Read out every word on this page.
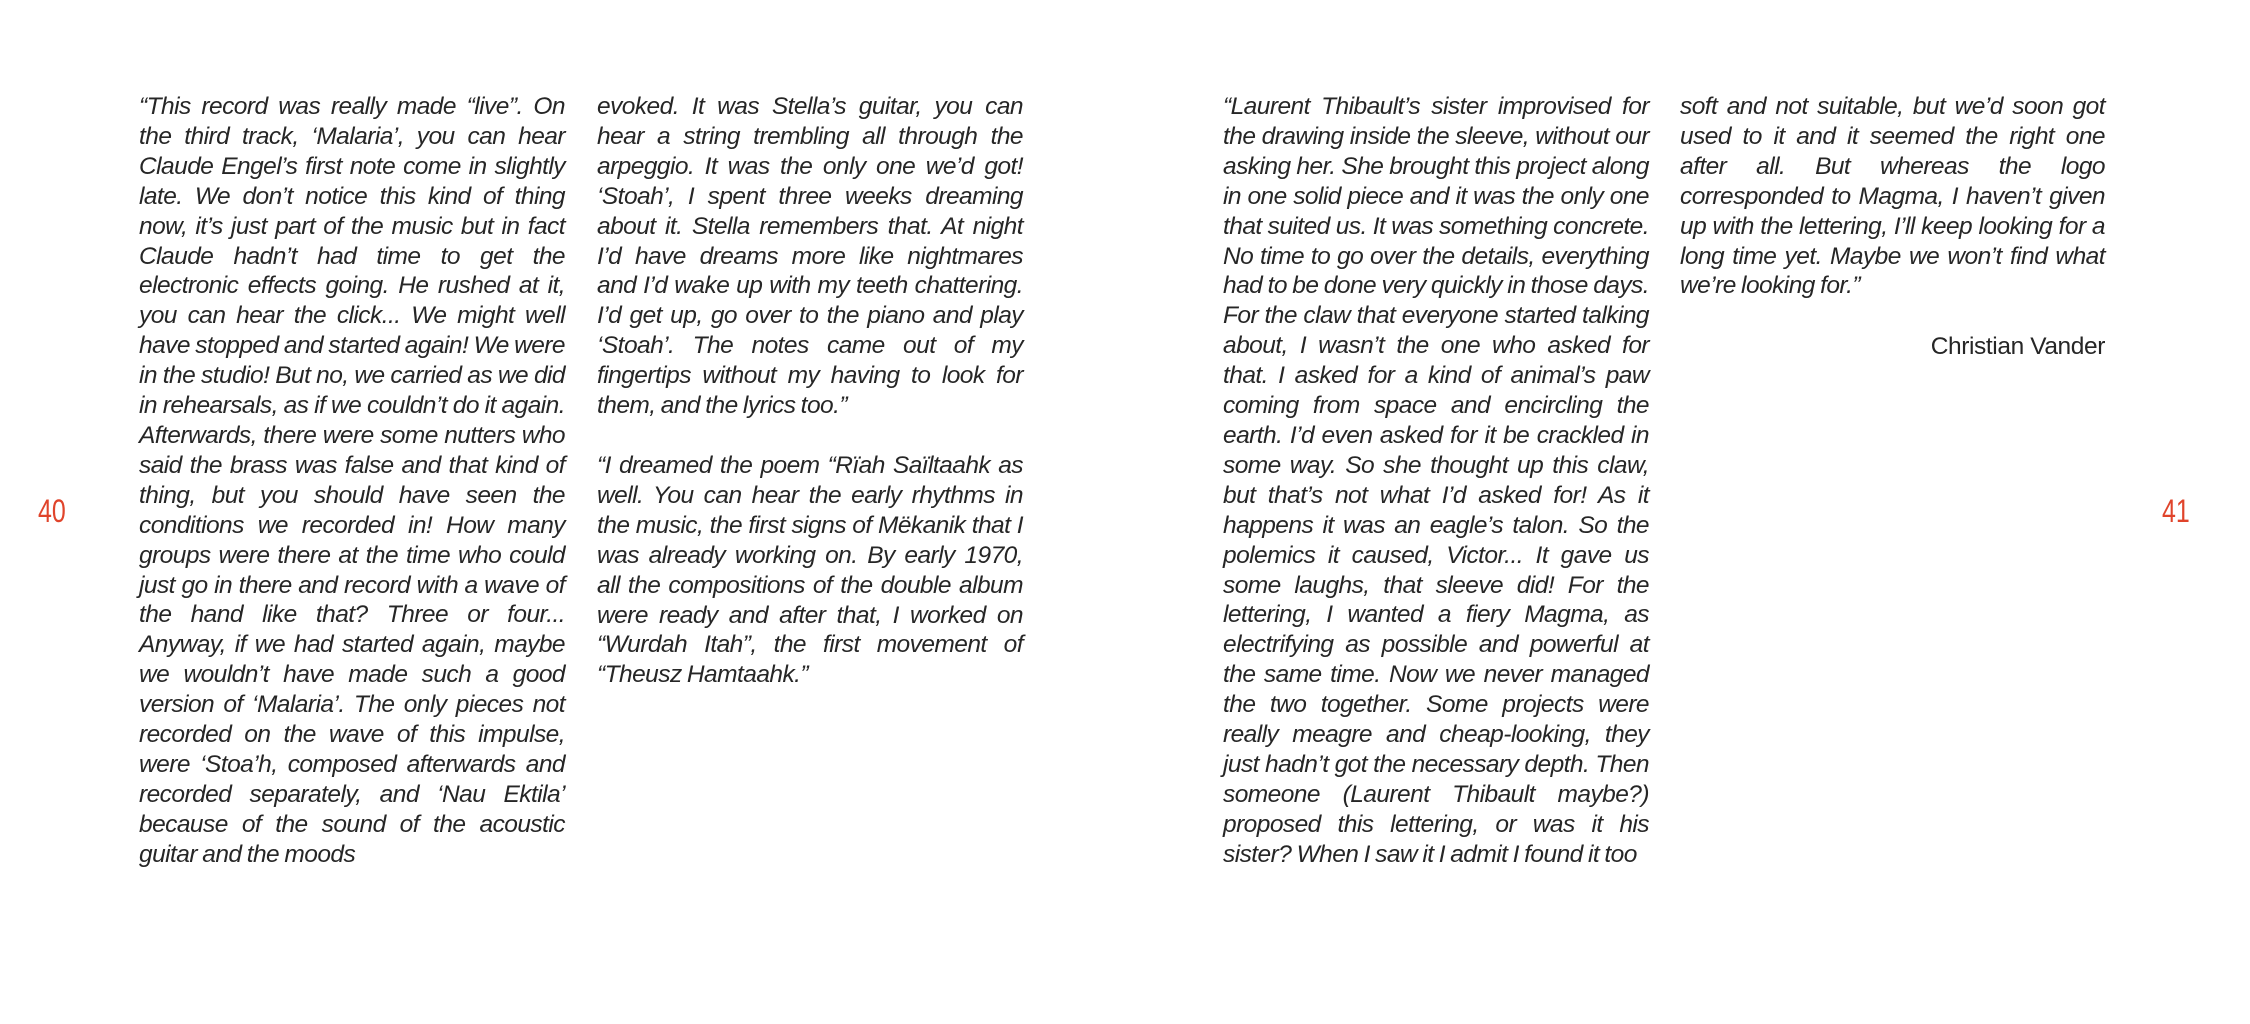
40	41

“This record was really made “live”. On the third track, ‘Malaria’, you can hear Claude Engel’s first note come in slightly late. We don’t notice this kind of thing now, it’s just part of the music but in fact Claude hadn’t had time to get the electronic effects going. He rushed at it, you can hear the click... We might well have stopped and started again! We were in the studio! But no, we carried as we did in rehearsals, as if we couldn’t do it again. Afterwards, there were some nutters who said the brass was false and that kind of thing, but you should have seen the conditions we recorded in! How many groups were there at the time who could just go in there and record with a wave of the hand like that? Three or four... Anyway, if we had started again, maybe we wouldn’t have made such a good version of ‘Malaria’. The only pieces not recorded on the wave of this impulse, were ‘Stoa’h, composed afterwards and recorded separately, and ‘Nau Ektila’ because of the sound of the acoustic guitar and the moods

evoked. It was Stella’s guitar, you can hear a string trembling all through the arpeggio. It was the only one we’d got! ‘Stoah’, I spent three weeks dreaming about it. Stella remembers that. At night I’d have dreams more like nightmares and I’d wake up with my teeth chattering. I’d get up, go over to the piano and play ‘Stoah’. The notes came out of my fingertips without my having to look for them, and the lyrics too.”

“I dreamed the poem “Rïah Saïltaahk as well. You can hear the early rhythms in the music, the first signs of Mëkanik that I was already working on. By early 1970, all the compositions of the double album were ready and after that, I worked on “Wurdah Itah”, the first movement of “Theusz Hamtaahk.”

“Laurent Thibault’s sister improvised for the drawing inside the sleeve, without our asking her. She brought this project along in one solid piece and it was the only one that suited us. It was something concrete. No time to go over the details, everything had to be done very quickly in those days. For the claw that everyone started talking about, I wasn’t the one who asked for that. I asked for a kind of animal’s paw coming from space and encircling the earth. I’d even asked for it be crackled in some way. So she thought up this claw, but that’s not what I’d asked for! As it happens it was an eagle’s talon. So the polemics it caused, Victor... It gave us some laughs, that sleeve did! For the lettering, I wanted a fiery Magma, as electrifying as possible and powerful at the same time. Now we never managed the two together. Some projects were really meagre and cheap-looking, they just hadn’t got the necessary depth. Then someone (Laurent Thibault maybe?) proposed this lettering, or was it his sister? When I saw it I admit I found it too

soft and not suitable, but we’d soon got used to it and it seemed the right one after all. But whereas the logo corresponded to Magma, I haven’t given up with the lettering, I’ll keep looking for a long time yet. Maybe we won’t find what we’re looking for.”

Christian Vander
